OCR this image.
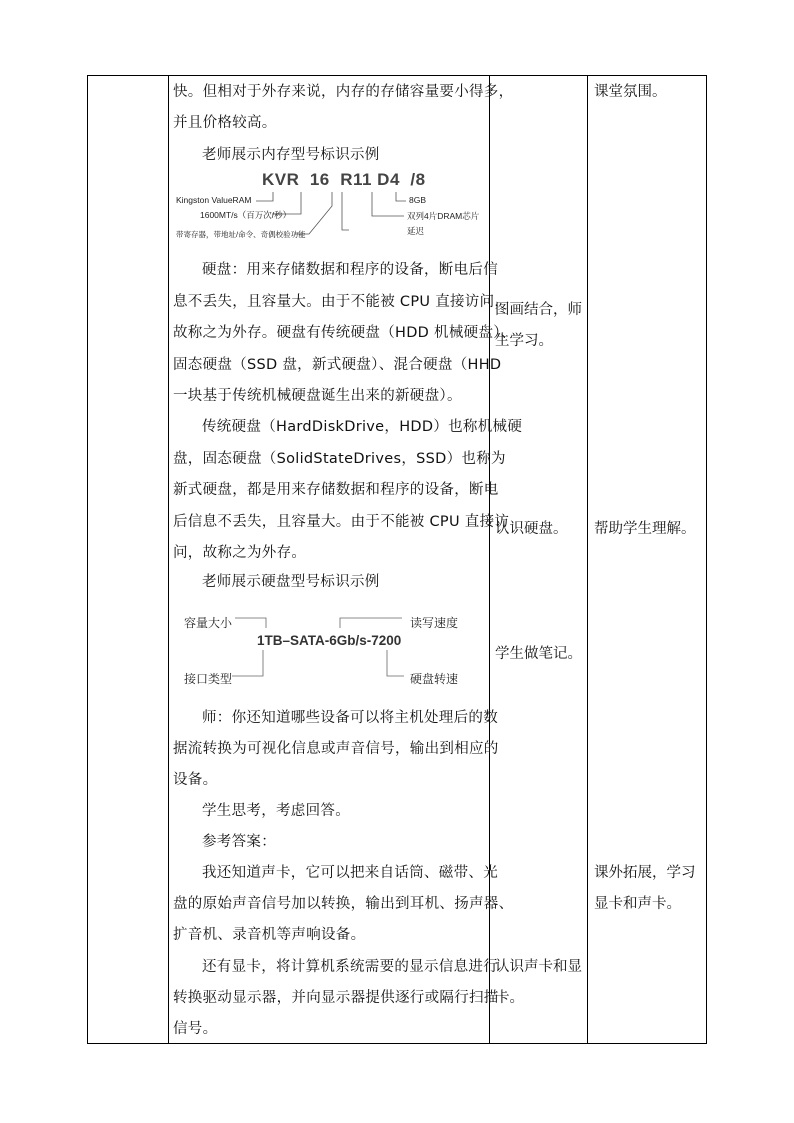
快。但相对于外存来说，内存的存储容量要小得多，
并且价格较高。
老师展示内存型号标识示例
KVR  16  R11 D4  /8
Kingston ValueRAM
1600MT/s（百万次/秒）
带寄存器，带地址/命令、奇偶校验功能
8GB
双列4片DRAM芯片
延迟
硬盘：用来存储数据和程序的设备，断电后信
息不丢失，且容量大。由于不能被 CPU 直接访问，
故称之为外存。硬盘有传统硬盘（HDD 机械硬盘）、
固态硬盘（SSD 盘，新式硬盘）、混合硬盘（HHD
一块基于传统机械硬盘诞生出来的新硬盘）。
传统硬盘（HardDiskDrive，HDD）也称机械硬
盘，固态硬盘（SolidStateDrives，SSD）也称为
新式硬盘，都是用来存储数据和程序的设备，断电
后信息不丢失，且容量大。由于不能被 CPU 直接访
问，故称之为外存。
老师展示硬盘型号标识示例
容量大小	读写速度
1TB–SATA-6Gb/s-7200
接口类型	硬盘转速
师：你还知道哪些设备可以将主机处理后的数
据流转换为可视化信息或声音信号，输出到相应的
设备。
学生思考，考虑回答。
参考答案：
我还知道声卡，它可以把来自话筒、磁带、光
盘的原始声音信号加以转换，输出到耳机、扬声器、
扩音机、录音机等声响设备。
还有显卡，将计算机系统需要的显示信息进行
转换驱动显示器，并向显示器提供逐行或隔行扫描
信号。
图画结合，师
生学习。
认识硬盘。
学生做笔记。
认识声卡和显
卡。
课堂氛围。
帮助学生理解。
课外拓展，学习
显卡和声卡。
